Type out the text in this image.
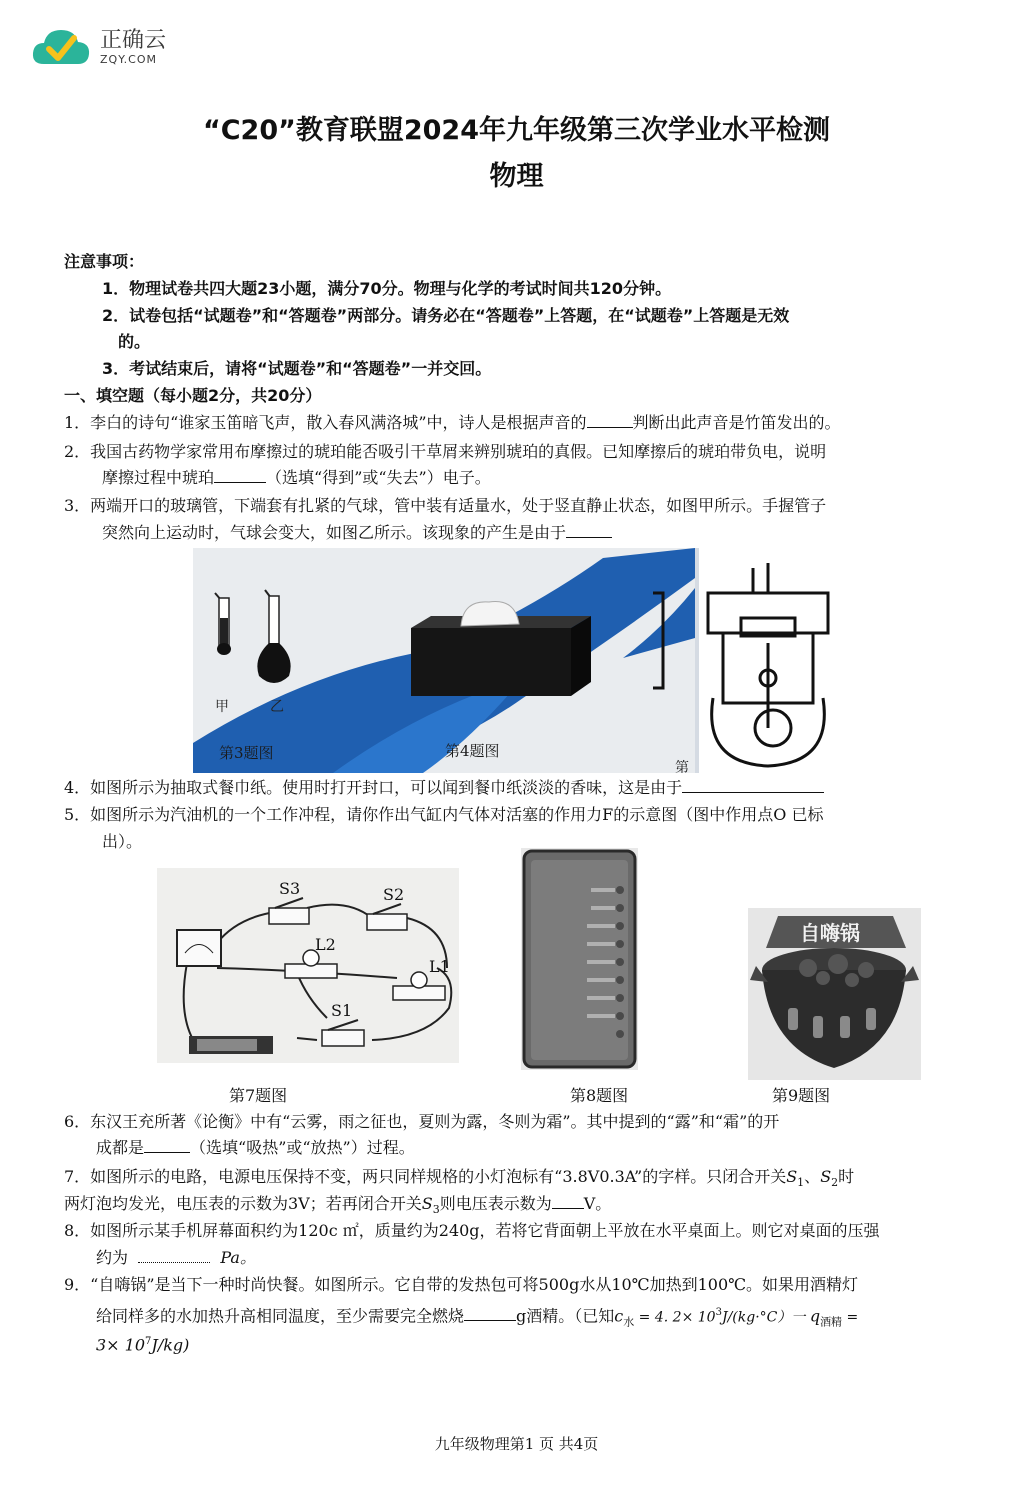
正确云
ZQY.COM
“C20”教育联盟2024年九年级第三次学业水平检测
物理
注意事项：
1．物理试卷共四大题23小题，满分70分。物理与化学的考试时间共120分钟。
2．试卷包括“试题卷”和“答题卷”两部分。请务必在“答题卷”上答题，在“试题卷”上答题是无效
的。
3．考试结束后，请将“试题卷”和“答题卷”一并交回。
一、填空题（每小题2分，共20分）
1．李白的诗句“谁家玉笛暗飞声，散入春风满洛城”中，诗人是根据声音的	判断出此声音是竹笛发出的。
2．我国古药物学家常用布摩擦过的琥珀能否吸引干草屑来辨别琥珀的真假。已知摩擦后的琥珀带负电，说明
摩擦过程中琥珀	（选填“得到”或“失去”）电子。
3．两端开口的玻璃管，下端套有扎紧的气球，管中装有适量水，处于竖直静止状态，如图甲所示。手握管子
突然向上运动时，气球会变大，如图乙所示。该现象的产生是由于
甲	乙
第3题图	第4题图
第
4．如图所示为抽取式餐巾纸。使用时打开封口，可以闻到餐巾纸淡淡的香味，这是由于
5．如图所示为汽油机的一个工作冲程，请你作出气缸内气体对活塞的作用力F的示意图（图中作用点O 已标
出）。
S3	S2
L2
L1
S1
自嗨锅
第7题图	第8题图	第9题图
6．东汉王充所著《论衡》中有“云雾，雨之征也，夏则为露，冬则为霜”。其中提到的“露”和“霜”的开
成都是	（选填“吸热”或“放热”）过程。
7．如图所示的电路，电源电压保持不变，两只同样规格的小灯泡标有“3.8V0.3A”的字样。只闭合开关$S_1$、$S_2$时
两灯泡均发光，电压表的示数为3V；若再闭合开关$S_3$则电压表示数为 V。
8．如图所示某手机屏幕面积约为120c ㎡，质量约为240g，若将它背面朝上平放在水平桌面上。则它对桌面的压强
约为	Pa。
9．“自嗨锅”是当下一种时尚快餐。如图所示。它自带的发热包可将500g水从10℃加热到100℃。如果用酒精灯
给同样多的水加热升高相同温度，至少需要完全燃烧	g酒精。（已知$c_水 = 4$. $2\times 10^3J/(kg\cdot^\circ C)$一 $q_{酒精}$ =
$3\times 10^7J/kg$)
九年级物理第1 页 共4页
